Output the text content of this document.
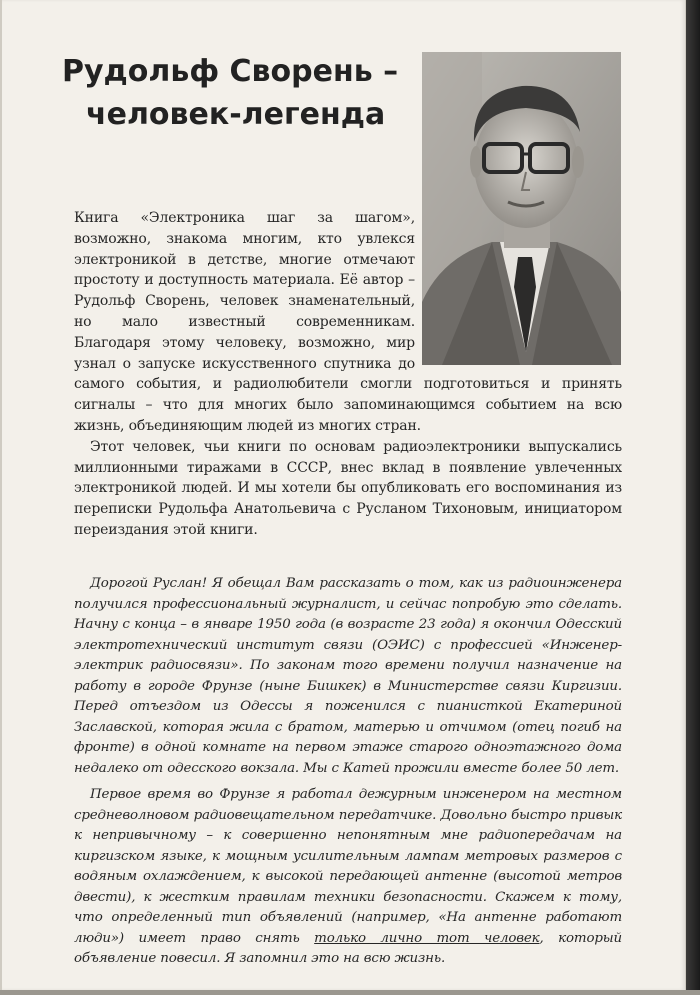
Рудольф Сворень –
человек-легенда

Книга «Электроника шаг за шагом», возможно, знакома многим, кто увлекся электроникой в детстве, многие отмечают простоту и доступность материала. Её автор – Рудольф Сворень, человек знаменательный, но мало известный современникам. Благодаря этому человеку, возможно, мир узнал о запуске искусственного спутника до самого события, и радиолюбители смогли подготовиться и принять сигналы – что для многих было запоминающимся событием на всю жизнь, объединяющим людей из многих стран.

Этот человек, чьи книги по основам радиоэлектроники выпускались миллионными тиражами в СССР, внес вклад в появление увлеченных электроникой людей. И мы хотели бы опубликовать его воспоминания из переписки Рудольфа Анатольевича с Русланом Тихоновым, инициатором переиздания этой книги.

Дорогой Руслан! Я обещал Вам рассказать о том, как из радиоинженера получился профессиональный журналист, и сейчас попробую это сделать. Начну с конца – в январе 1950 года (в возрасте 23 года) я окончил Одесский электротехнический институт связи (ОЭИС) с профессией «Инженер-электрик радиосвязи». По законам того времени получил назначение на работу в городе Фрунзе (ныне Бишкек) в Министерстве связи Киргизии. Перед отъездом из Одессы я поженился с пианисткой Екатериной Заславской, которая жила с братом, матерью и отчимом (отец погиб на фронте) в одной комнате на первом этаже старого одноэтажного дома недалеко от одесского вокзала. Мы с Катей прожили вместе более 50 лет.

Первое время во Фрунзе я работал дежурным инженером на местном средневолновом радиовещательном передатчике. Довольно быстро привык к непривычному – к совершенно непонятным мне радиопередачам на киргизском языке, к мощным усилительным лампам метровых размеров с водяным охлаждением, к высокой передающей антенне (высотой метров двести), к жестким правилам техники безопасности. Скажем к тому, что определенный тип объявлений (например, «На антенне работают люди») имеет право снять только лично тот человек, который объявление повесил. Я запомнил это на всю жизнь.
